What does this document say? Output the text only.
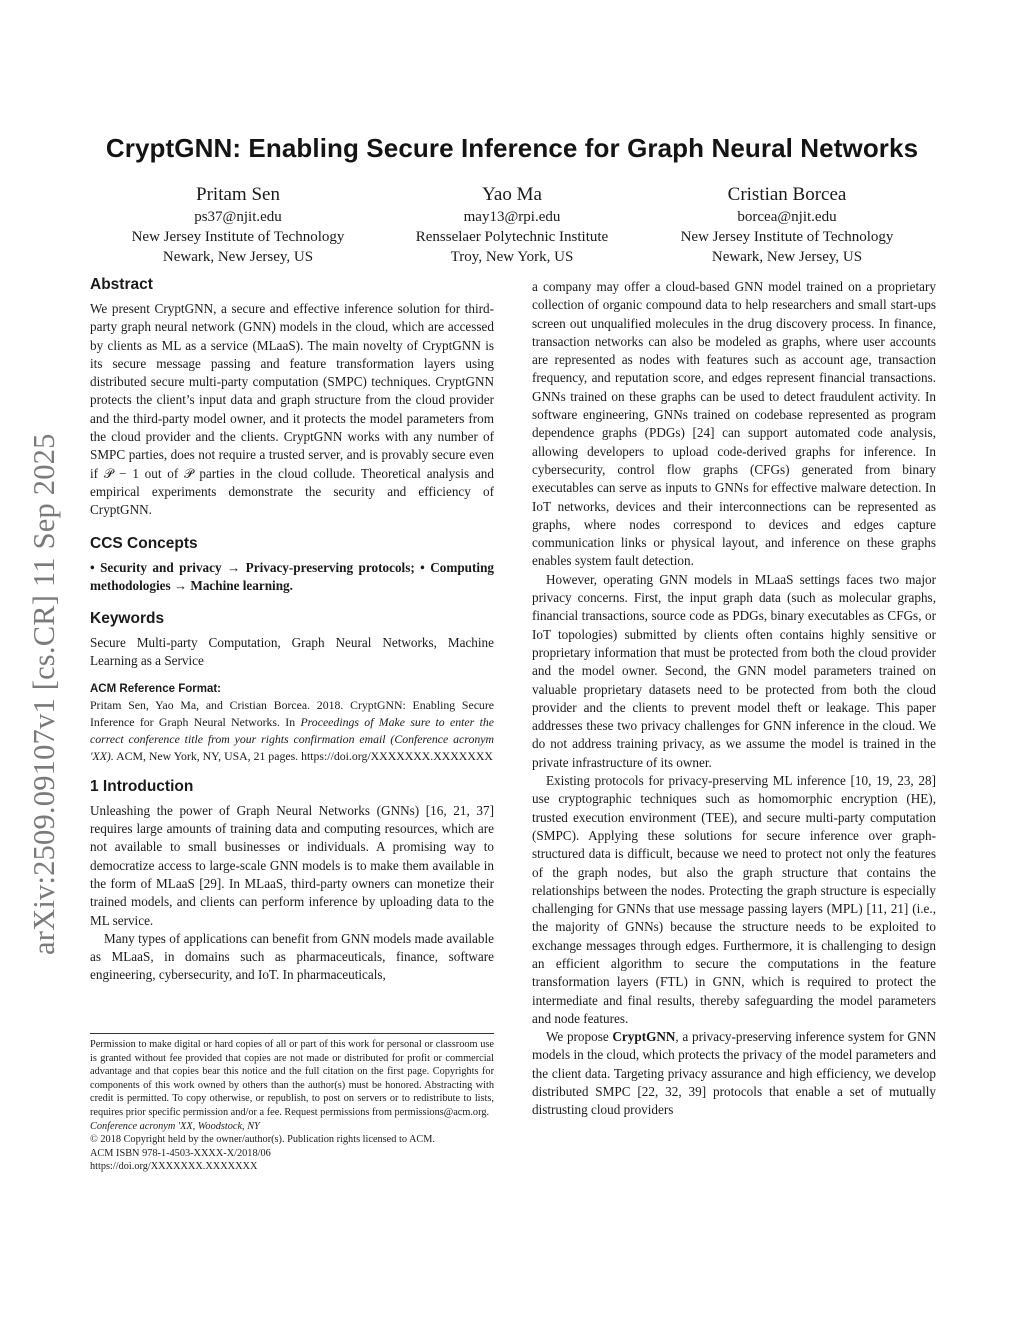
arXiv:2509.09107v1 [cs.CR] 11 Sep 2025
CryptGNN: Enabling Secure Inference for Graph Neural Networks
Pritam Sen
ps37@njit.edu
New Jersey Institute of Technology
Newark, New Jersey, US
Yao Ma
may13@rpi.edu
Rensselaer Polytechnic Institute
Troy, New York, US
Cristian Borcea
borcea@njit.edu
New Jersey Institute of Technology
Newark, New Jersey, US
Abstract

We present CryptGNN, a secure and effective inference solution for third-party graph neural network (GNN) models in the cloud, which are accessed by clients as ML as a service (MLaaS). The main novelty of CryptGNN is its secure message passing and feature transformation layers using distributed secure multi-party computation (SMPC) techniques. CryptGNN protects the client’s input data and graph structure from the cloud provider and the third-party model owner, and it protects the model parameters from the cloud provider and the clients. CryptGNN works with any number of SMPC parties, does not require a trusted server, and is provably secure even if 𝒫 − 1 out of 𝒫 parties in the cloud collude. Theoretical analysis and empirical experiments demonstrate the security and efficiency of CryptGNN.

CCS Concepts

• Security and privacy → Privacy-preserving protocols; • Computing methodologies → Machine learning.

Keywords

Secure Multi-party Computation, Graph Neural Networks, Machine Learning as a Service

ACM Reference Format:

Pritam Sen, Yao Ma, and Cristian Borcea. 2018. CryptGNN: Enabling Secure Inference for Graph Neural Networks. In Proceedings of Make sure to enter the correct conference title from your rights confirmation email (Conference acronym 'XX). ACM, New York, NY, USA, 21 pages. https://doi.org/XXXXXXX.XXXXXXX

1 Introduction

Unleashing the power of Graph Neural Networks (GNNs) [16, 21, 37] requires large amounts of training data and computing resources, which are not available to small businesses or individuals. A promising way to democratize access to large-scale GNN models is to make them available in the form of MLaaS [29]. In MLaaS, third-party owners can monetize their trained models, and clients can perform inference by uploading data to the ML service.

Many types of applications can benefit from GNN models made available as MLaaS, in domains such as pharmaceuticals, finance, software engineering, cybersecurity, and IoT. In pharmaceuticals,

Permission to make digital or hard copies of all or part of this work for personal or classroom use is granted without fee provided that copies are not made or distributed for profit or commercial advantage and that copies bear this notice and the full citation on the first page. Copyrights for components of this work owned by others than the author(s) must be honored. Abstracting with credit is permitted. To copy otherwise, or republish, to post on servers or to redistribute to lists, requires prior specific permission and/or a fee. Request permissions from permissions@acm.org.

Conference acronym 'XX, Woodstock, NY

© 2018 Copyright held by the owner/author(s). Publication rights licensed to ACM.

ACM ISBN 978-1-4503-XXXX-X/2018/06

https://doi.org/XXXXXXX.XXXXXXX

a company may offer a cloud-based GNN model trained on a proprietary collection of organic compound data to help researchers and small start-ups screen out unqualified molecules in the drug discovery process. In finance, transaction networks can also be modeled as graphs, where user accounts are represented as nodes with features such as account age, transaction frequency, and reputation score, and edges represent financial transactions. GNNs trained on these graphs can be used to detect fraudulent activity. In software engineering, GNNs trained on codebase represented as program dependence graphs (PDGs) [24] can support automated code analysis, allowing developers to upload code-derived graphs for inference. In cybersecurity, control flow graphs (CFGs) generated from binary executables can serve as inputs to GNNs for effective malware detection. In IoT networks, devices and their interconnections can be represented as graphs, where nodes correspond to devices and edges capture communication links or physical layout, and inference on these graphs enables system fault detection.

However, operating GNN models in MLaaS settings faces two major privacy concerns. First, the input graph data (such as molecular graphs, financial transactions, source code as PDGs, binary executables as CFGs, or IoT topologies) submitted by clients often contains highly sensitive or proprietary information that must be protected from both the cloud provider and the model owner. Second, the GNN model parameters trained on valuable proprietary datasets need to be protected from both the cloud provider and the clients to prevent model theft or leakage. This paper addresses these two privacy challenges for GNN inference in the cloud. We do not address training privacy, as we assume the model is trained in the private infrastructure of its owner.

Existing protocols for privacy-preserving ML inference [10, 19, 23, 28] use cryptographic techniques such as homomorphic encryption (HE), trusted execution environment (TEE), and secure multi-party computation (SMPC). Applying these solutions for secure inference over graph-structured data is difficult, because we need to protect not only the features of the graph nodes, but also the graph structure that contains the relationships between the nodes. Protecting the graph structure is especially challenging for GNNs that use message passing layers (MPL) [11, 21] (i.e., the majority of GNNs) because the structure needs to be exploited to exchange messages through edges. Furthermore, it is challenging to design an efficient algorithm to secure the computations in the feature transformation layers (FTL) in GNN, which is required to protect the intermediate and final results, thereby safeguarding the model parameters and node features.

We propose CryptGNN, a privacy-preserving inference system for GNN models in the cloud, which protects the privacy of the model parameters and the client data. Targeting privacy assurance and high efficiency, we develop distributed SMPC [22, 32, 39] protocols that enable a set of mutually distrusting cloud providers
